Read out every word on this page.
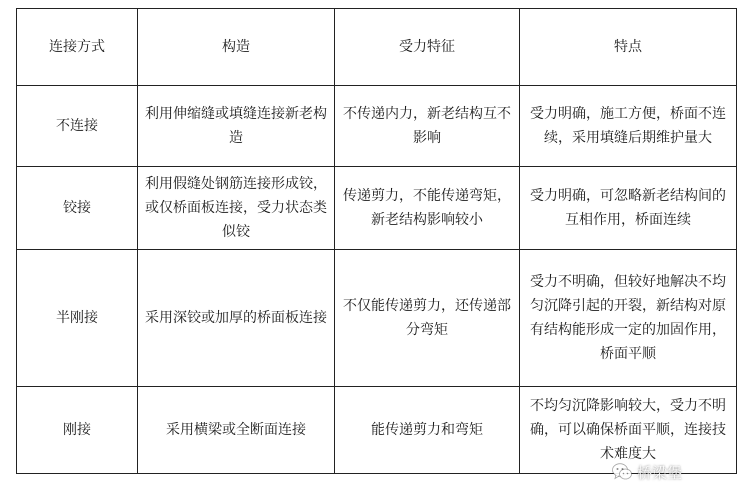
连接方式	构造	受力特征	特点
不连接	利用伸缩缝或填缝连接新老构造	不传递内力，新老结构互不影响	受力明确，施工方便，桥面不连续，采用填缝后期维护量大
铰接	利用假缝处钢筋连接形成铰，或仅桥面板连接，受力状态类似铰	传递剪力，不能传递弯矩，新老结构影响较小	受力明确，可忽略新老结构间的互相作用，桥面连续
半刚接	采用深铰或加厚的桥面板连接	不仅能传递剪力，还传递部分弯矩	受力不明确，但较好地解决不均匀沉降引起的开裂，新结构对原有结构能形成一定的加固作用，桥面平顺
刚接	采用横梁或全断面连接	能传递剪力和弯矩	不均匀沉降影响较大，受力不明确，可以确保桥面平顺，连接技术难度大
桥梁堡
